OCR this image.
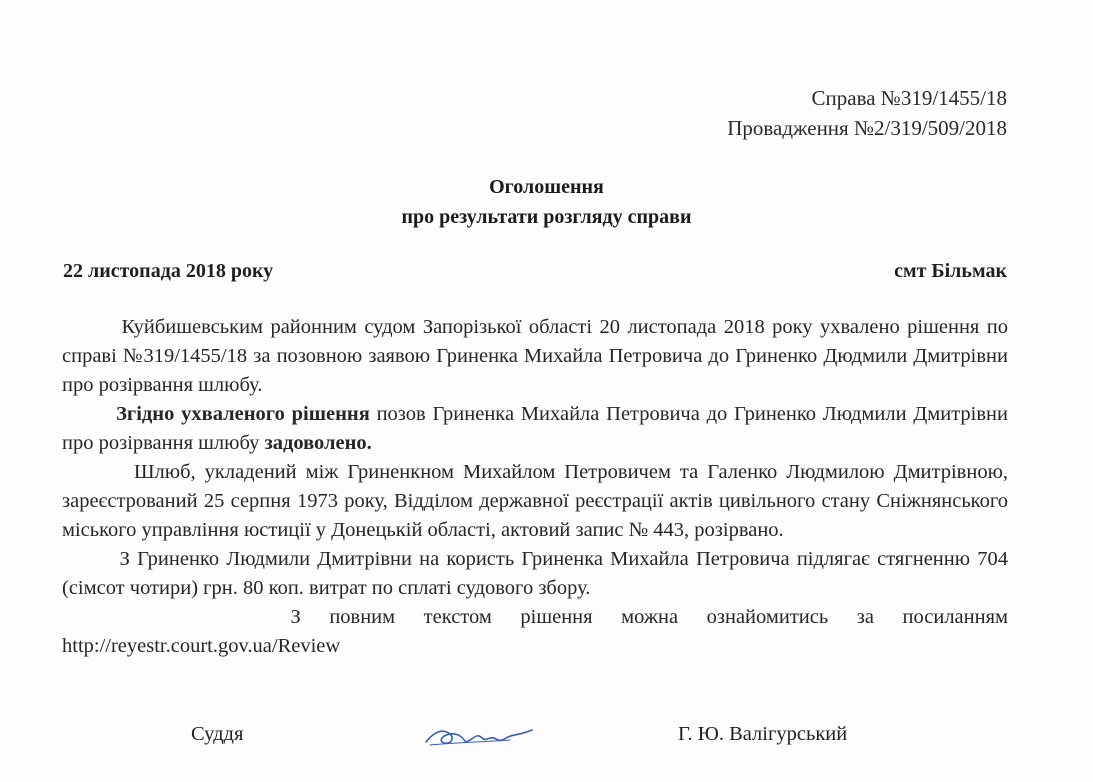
Справа №319/1455/18
Провадження №2/319/509/2018
Оголошення
про результати розгляду справи
22 листопада 2018 року	смт Більмак

Куйбишевським районним судом Запорізької області 20 листопада 2018 року ухвалено рішення по справі №319/1455/18 за позовною заявою Гриненка Михайла Петровича до Гриненко Дюдмили Дмитрівни про розірвання шлюбу.

Згідно ухваленого рішення позов Гриненка Михайла Петровича до Гриненко Людмили Дмитрівни про розірвання шлюбу задоволено.

Шлюб, укладений між Гриненкном Михайлом Петровичем та Галенко Людмилою Дмитрівною, зареєстрований 25 серпня 1973 року, Відділом державної реєстрації актів цивільного стану Сніжнянського міського управління юстиції у Донецькій області, актовий запис № 443, розірвано.

З Гриненко Людмили Дмитрівни на користь Гриненка Михайла Петровича підлягає стягненню 704 (сімсот чотири) грн. 80 коп. витрат по сплаті судового збору.

З повним текстом рішення можна ознайомитись за посиланням

http://reyestr.court.gov.ua/Review

Суддя	Г. Ю. Валігурський
